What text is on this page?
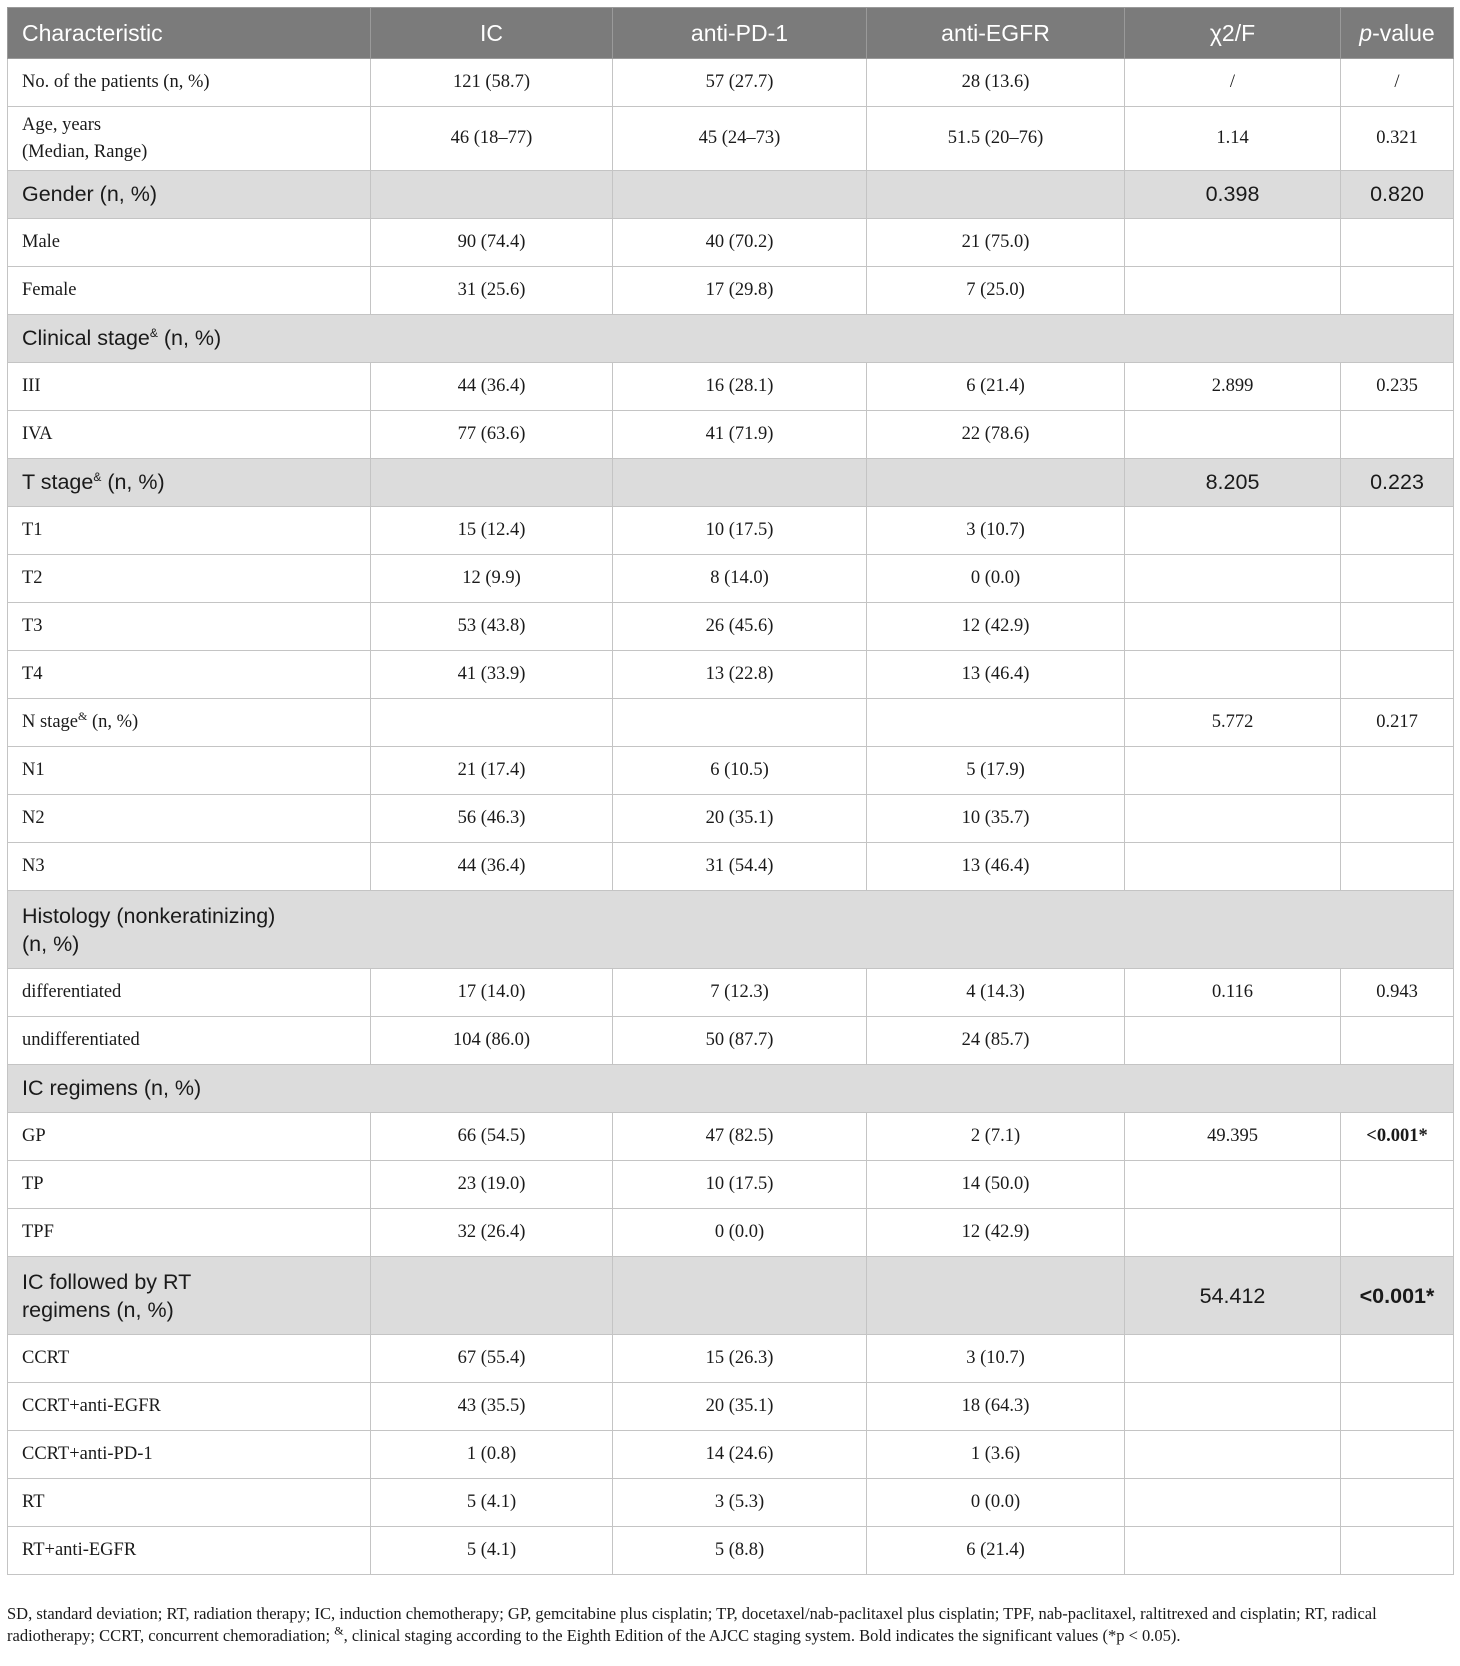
Characteristic	IC	anti-PD-1	anti-EGFR	χ2/F	p-value
No. of the patients (n, %)	121 (58.7)	57 (27.7)	28 (13.6)	/	/
Age, years
(Median, Range)	46 (18–77)	45 (24–73)	51.5 (20–76)	1.14	0.321
Gender (n, %)				0.398	0.820
Male	90 (74.4)	40 (70.2)	21 (75.0)		
Female	31 (25.6)	17 (29.8)	7 (25.0)		
Clinical stage& (n, %)					
III	44 (36.4)	16 (28.1)	6 (21.4)	2.899	0.235
IVA	77 (63.6)	41 (71.9)	22 (78.6)		
T stage& (n, %)				8.205	0.223
T1	15 (12.4)	10 (17.5)	3 (10.7)		
T2	12 (9.9)	8 (14.0)	0 (0.0)		
T3	53 (43.8)	26 (45.6)	12 (42.9)		
T4	41 (33.9)	13 (22.8)	13 (46.4)		
N stage& (n, %)				5.772	0.217
N1	21 (17.4)	6 (10.5)	5 (17.9)		
N2	56 (46.3)	20 (35.1)	10 (35.7)		
N3	44 (36.4)	31 (54.4)	13 (46.4)		
Histology (nonkeratinizing)
(n, %)					
differentiated	17 (14.0)	7 (12.3)	4 (14.3)	0.116	0.943
undifferentiated	104 (86.0)	50 (87.7)	24 (85.7)		
IC regimens (n, %)					
GP	66 (54.5)	47 (82.5)	2 (7.1)	49.395	<0.001*
TP	23 (19.0)	10 (17.5)	14 (50.0)		
TPF	32 (26.4)	0 (0.0)	12 (42.9)		
IC followed by RT
regimens (n, %)				54.412	<0.001*
CCRT	67 (55.4)	15 (26.3)	3 (10.7)		
CCRT+anti-EGFR	43 (35.5)	20 (35.1)	18 (64.3)		
CCRT+anti-PD-1	1 (0.8)	14 (24.6)	1 (3.6)		
RT	5 (4.1)	3 (5.3)	0 (0.0)		
RT+anti-EGFR	5 (4.1)	5 (8.8)	6 (21.4)		
SD, standard deviation; RT, radiation therapy; IC, induction chemotherapy; GP, gemcitabine plus cisplatin; TP, docetaxel/nab-paclitaxel plus cisplatin; TPF, nab-paclitaxel, raltitrexed and cisplatin; RT, radical radiotherapy; CCRT, concurrent chemoradiation; &, clinical staging according to the Eighth Edition of the AJCC staging system. Bold indicates the significant values (*p < 0.05).
